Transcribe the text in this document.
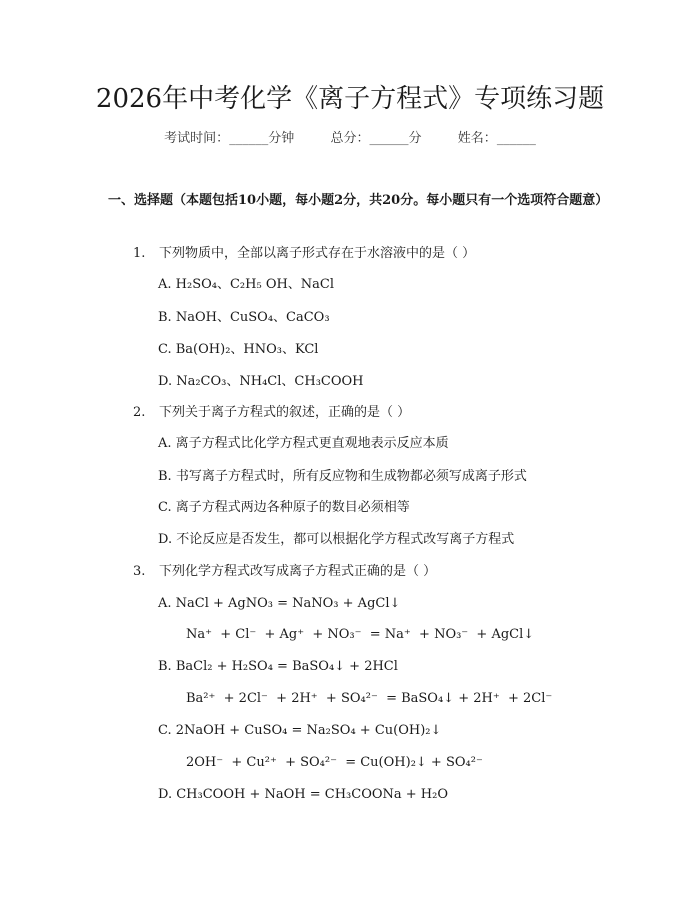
2026年中考化学《离子方程式》专项练习题
考试时间：______分钟	总分：______分	姓名：______
一、选择题（本题包括10小题，每小题2分，共20分。每小题只有一个选项符合题意）
1. 下列物质中，全部以离子形式存在于水溶液中的是（ ）
A. H₂SO₄、C₂H₅ OH、NaCl
B. NaOH、CuSO₄、CaCO₃
C. Ba(OH)₂、HNO₃、KCl
D. Na₂CO₃、NH₄Cl、CH₃COOH
2. 下列关于离子方程式的叙述，正确的是（ ）
A. 离子方程式比化学方程式更直观地表示反应本质
B. 书写离子方程式时，所有反应物和生成物都必须写成离子形式
C. 离子方程式两边各种原子的数目必须相等
D. 不论反应是否发生，都可以根据化学方程式改写离子方程式
3. 下列化学方程式改写成离子方程式正确的是（ ）
A. NaCl + AgNO₃ = NaNO₃ + AgCl↓
Na⁺  + Cl⁻  + Ag⁺  + NO₃⁻  = Na⁺  + NO₃⁻  + AgCl↓
B. BaCl₂ + H₂SO₄ = BaSO₄↓ + 2HCl
Ba²⁺  + 2Cl⁻  + 2H⁺  + SO₄²⁻  = BaSO₄↓ + 2H⁺  + 2Cl⁻
C. 2NaOH + CuSO₄ = Na₂SO₄ + Cu(OH)₂↓
2OH⁻  + Cu²⁺  + SO₄²⁻  = Cu(OH)₂↓ + SO₄²⁻
D. CH₃COOH + NaOH = CH₃COONa + H₂O
